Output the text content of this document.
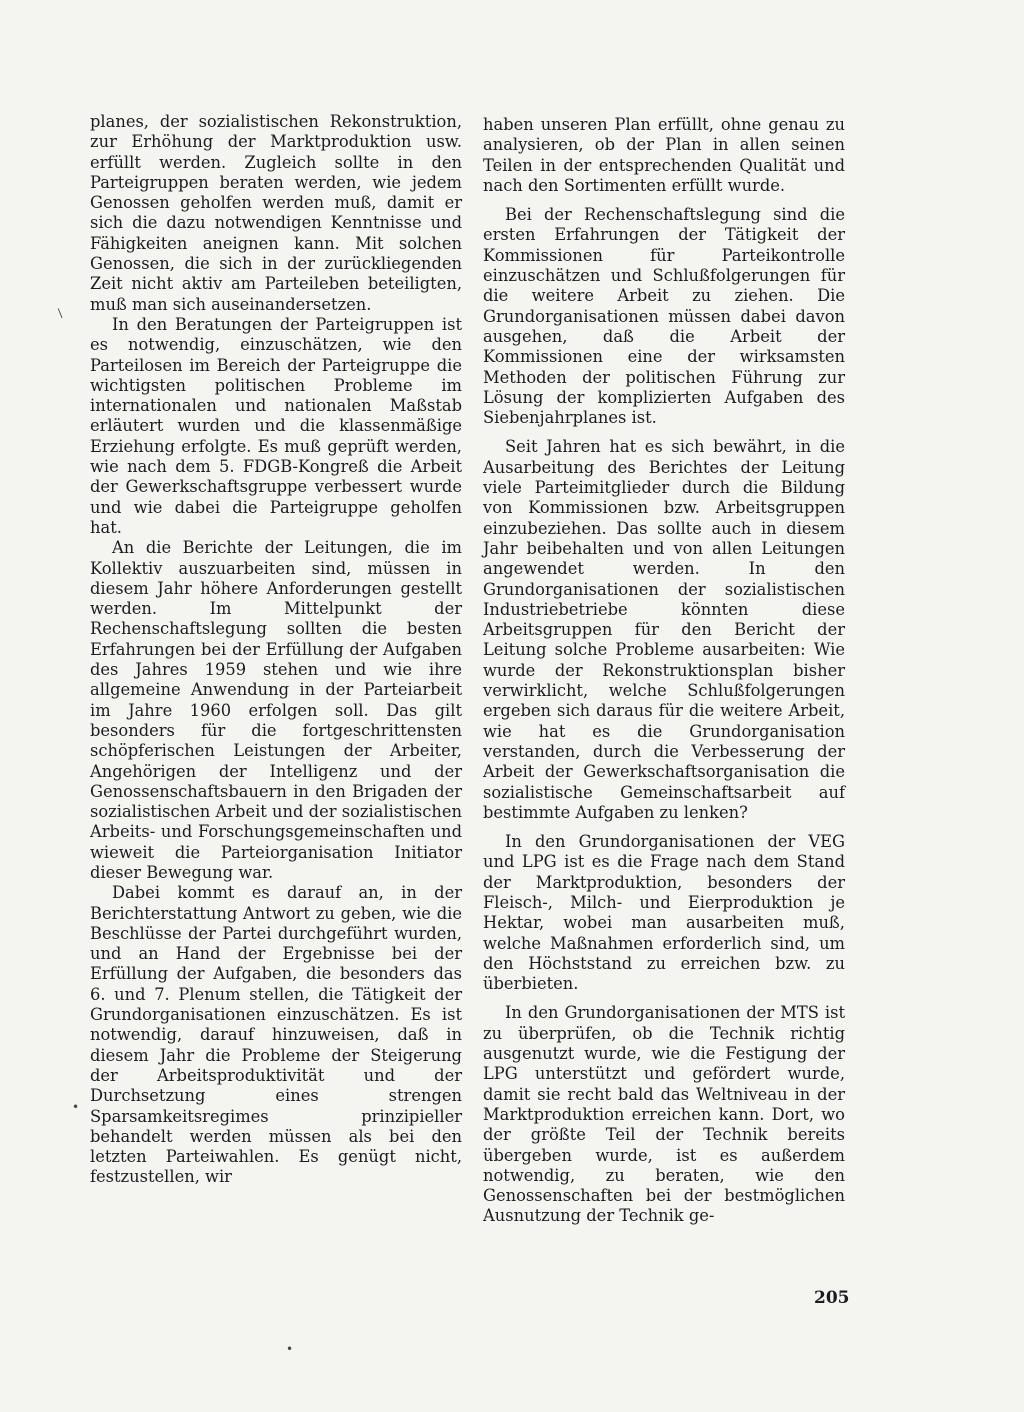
planes, der sozialistischen Rekonstruktion, zur Erhöhung der Marktproduktion usw. erfüllt werden. Zugleich sollte in den Parteigruppen beraten werden, wie jedem Genossen geholfen werden muß, damit er sich die dazu notwendigen Kenntnisse und Fähigkeiten aneignen kann. Mit solchen Genossen, die sich in der zurückliegenden Zeit nicht aktiv am Parteileben beteiligten, muß man sich auseinandersetzen.

In den Beratungen der Parteigruppen ist es notwendig, einzuschätzen, wie den Parteilosen im Bereich der Parteigruppe die wichtigsten politischen Probleme im internationalen und nationalen Maßstab erläutert wurden und die klassenmäßige Erziehung erfolgte. Es muß geprüft werden, wie nach dem 5. FDGB-Kongreß die Arbeit der Gewerkschaftsgruppe verbessert wurde und wie dabei die Parteigruppe geholfen hat.

An die Berichte der Leitungen, die im Kollektiv auszuarbeiten sind, müssen in diesem Jahr höhere Anforderungen gestellt werden. Im Mittelpunkt der Rechenschaftslegung sollten die besten Erfahrungen bei der Erfüllung der Aufgaben des Jahres 1959 stehen und wie ihre allgemeine Anwendung in der Parteiarbeit im Jahre 1960 erfolgen soll. Das gilt besonders für die fortgeschrittensten schöpferischen Leistungen der Arbeiter, Angehörigen der Intelligenz und der Genossenschaftsbauern in den Brigaden der sozialistischen Arbeit und der sozialistischen Arbeits- und Forschungsgemeinschaften und wieweit die Parteiorganisation Initiator dieser Bewegung war.

Dabei kommt es darauf an, in der Berichterstattung Antwort zu geben, wie die Beschlüsse der Partei durchgeführt wurden, und an Hand der Ergebnisse bei der Erfüllung der Aufgaben, die besonders das 6. und 7. Plenum stellen, die Tätigkeit der Grundorganisationen einzuschätzen. Es ist notwendig, darauf hinzuweisen, daß in diesem Jahr die Probleme der Steigerung der Arbeitsproduktivität und der Durchsetzung eines strengen Sparsamkeitsregimes prinzipieller behandelt werden müssen als bei den letzten Parteiwahlen. Es genügt nicht, festzustellen, wir

haben unseren Plan erfüllt, ohne genau zu analysieren, ob der Plan in allen seinen Teilen in der entsprechenden Qualität und nach den Sortimenten erfüllt wurde.

Bei der Rechenschaftslegung sind die ersten Erfahrungen der Tätigkeit der Kommissionen für Parteikontrolle einzuschätzen und Schlußfolgerungen für die weitere Arbeit zu ziehen. Die Grundorganisationen müssen dabei davon ausgehen, daß die Arbeit der Kommissionen eine der wirksamsten Methoden der politischen Führung zur Lösung der komplizierten Aufgaben des Siebenjahrplanes ist.

Seit Jahren hat es sich bewährt, in die Ausarbeitung des Berichtes der Leitung viele Parteimitglieder durch die Bildung von Kommissionen bzw. Arbeitsgruppen einzubeziehen. Das sollte auch in diesem Jahr beibehalten und von allen Leitungen angewendet werden. In den Grundorganisationen der sozialistischen Industriebetriebe könnten diese Arbeitsgruppen für den Bericht der Leitung solche Probleme ausarbeiten: Wie wurde der Rekonstruktionsplan bisher verwirklicht, welche Schlußfolgerungen ergeben sich daraus für die weitere Arbeit, wie hat es die Grundorganisation verstanden, durch die Verbesserung der Arbeit der Gewerkschaftsorganisation die sozialistische Gemeinschaftsarbeit auf bestimmte Aufgaben zu lenken?

In den Grundorganisationen der VEG und LPG ist es die Frage nach dem Stand der Marktproduktion, besonders der Fleisch-, Milch- und Eierproduktion je Hektar, wobei man ausarbeiten muß, welche Maßnahmen erforderlich sind, um den Höchststand zu erreichen bzw. zu überbieten.

In den Grundorganisationen der MTS ist zu überprüfen, ob die Technik richtig ausgenutzt wurde, wie die Festigung der LPG unterstützt und gefördert wurde, damit sie recht bald das Weltniveau in der Marktproduktion erreichen kann. Dort, wo der größte Teil der Technik bereits übergeben wurde, ist es außerdem notwendig, zu beraten, wie den Genossenschaften bei der bestmöglichen Ausnutzung der Technik ge-

205
/
•
•
